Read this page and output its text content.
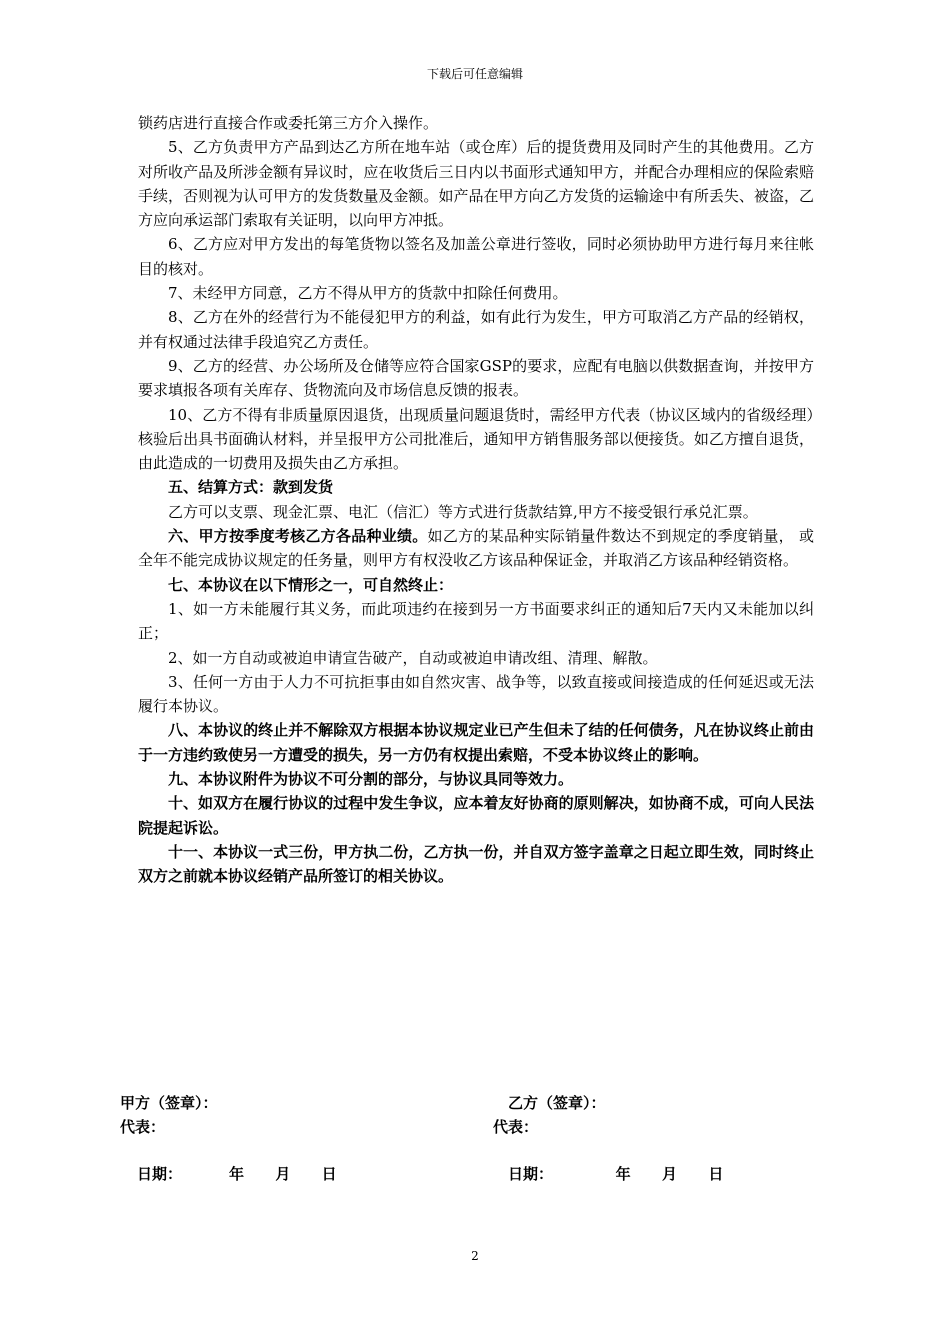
下载后可任意编辑

锁药店进行直接合作或委托第三方介入操作。

5、乙方负责甲方产品到达乙方所在地车站（或仓库）后的提货费用及同时产生的其他费用。乙方对所收产品及所涉金额有异议时，应在收货后三日内以书面形式通知甲方，并配合办理相应的保险索赔手续，否则视为认可甲方的发货数量及金额。如产品在甲方向乙方发货的运输途中有所丢失、被盗，乙方应向承运部门索取有关证明，以向甲方冲抵。

6、乙方应对甲方发出的每笔货物以签名及加盖公章进行签收，同时必须协助甲方进行每月来往帐目的核对。

7、未经甲方同意，乙方不得从甲方的货款中扣除任何费用。

8、乙方在外的经营行为不能侵犯甲方的利益，如有此行为发生，甲方可取消乙方产品的经销权，并有权通过法律手段追究乙方责任。

9、乙方的经营、办公场所及仓储等应符合国家GSP的要求，应配有电脑以供数据查询，并按甲方要求填报各项有关库存、货物流向及市场信息反馈的报表。

10、乙方不得有非质量原因退货，出现质量问题退货时，需经甲方代表（协议区域内的省级经理）核验后出具书面确认材料，并呈报甲方公司批准后，通知甲方销售服务部以便接货。如乙方擅自退货，由此造成的一切费用及损失由乙方承担。

五、结算方式：款到发货

乙方可以支票、现金汇票、电汇（信汇）等方式进行货款结算,甲方不接受银行承兑汇票。

六、甲方按季度考核乙方各品种业绩。如乙方的某品种实际销量件数达不到规定的季度销量， 或全年不能完成协议规定的任务量，则甲方有权没收乙方该品种保证金，并取消乙方该品种经销资格。

七、本协议在以下情形之一，可自然终止：

1、如一方未能履行其义务，而此项违约在接到另一方书面要求纠正的通知后7天内又未能加以纠正；

2、如一方自动或被迫申请宣告破产，自动或被迫申请改组、清理、解散。

3、任何一方由于人力不可抗拒事由如自然灾害、战争等，以致直接或间接造成的任何延迟或无法履行本协议。

八、本协议的终止并不解除双方根据本协议规定业已产生但未了结的任何债务，凡在协议终止前由于一方违约致使另一方遭受的损失，另一方仍有权提出索赔，不受本协议终止的影响。

九、本协议附件为协议不可分割的部分，与协议具同等效力。

十、如双方在履行协议的过程中发生争议，应本着友好协商的原则解决，如协商不成，可向人民法院提起诉讼。

十一、本协议一式三份，甲方执二份，乙方执一份，并自双方签字盖章之日起立即生效，同时终止双方之前就本协议经销产品所签订的相关协议。

甲方（签章）：	乙方（签章）：
代表：	代表：
日期：         年      月      日	日期：            年      月      日
2
